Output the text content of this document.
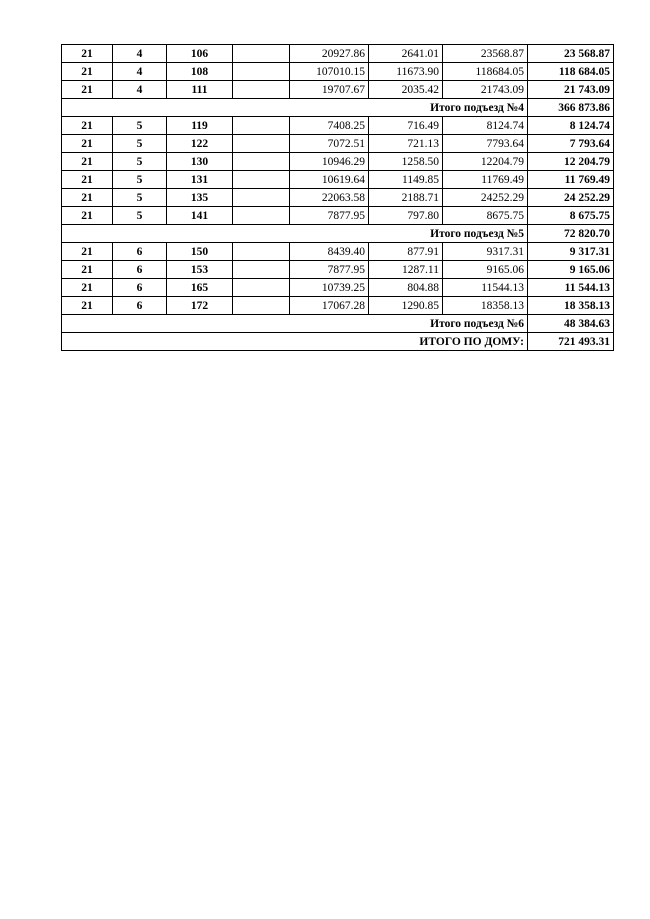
21	4	106		20927.86	2641.01	23568.87	23 568.87
21	4	108		107010.15	11673.90	118684.05	118 684.05
21	4	111		19707.67	2035.42	21743.09	21 743.09
Итого подъезд №4							366 873.86
21	5	119		7408.25	716.49	8124.74	8 124.74
21	5	122		7072.51	721.13	7793.64	7 793.64
21	5	130		10946.29	1258.50	12204.79	12 204.79
21	5	131		10619.64	1149.85	11769.49	11 769.49
21	5	135		22063.58	2188.71	24252.29	24 252.29
21	5	141		7877.95	797.80	8675.75	8 675.75
Итого подъезд №5							72 820.70
21	6	150		8439.40	877.91	9317.31	9 317.31
21	6	153		7877.95	1287.11	9165.06	9 165.06
21	6	165		10739.25	804.88	11544.13	11 544.13
21	6	172		17067.28	1290.85	18358.13	18 358.13
Итого подъезд №6							48 384.63
ИТОГО ПО ДОМУ:							721 493.31
